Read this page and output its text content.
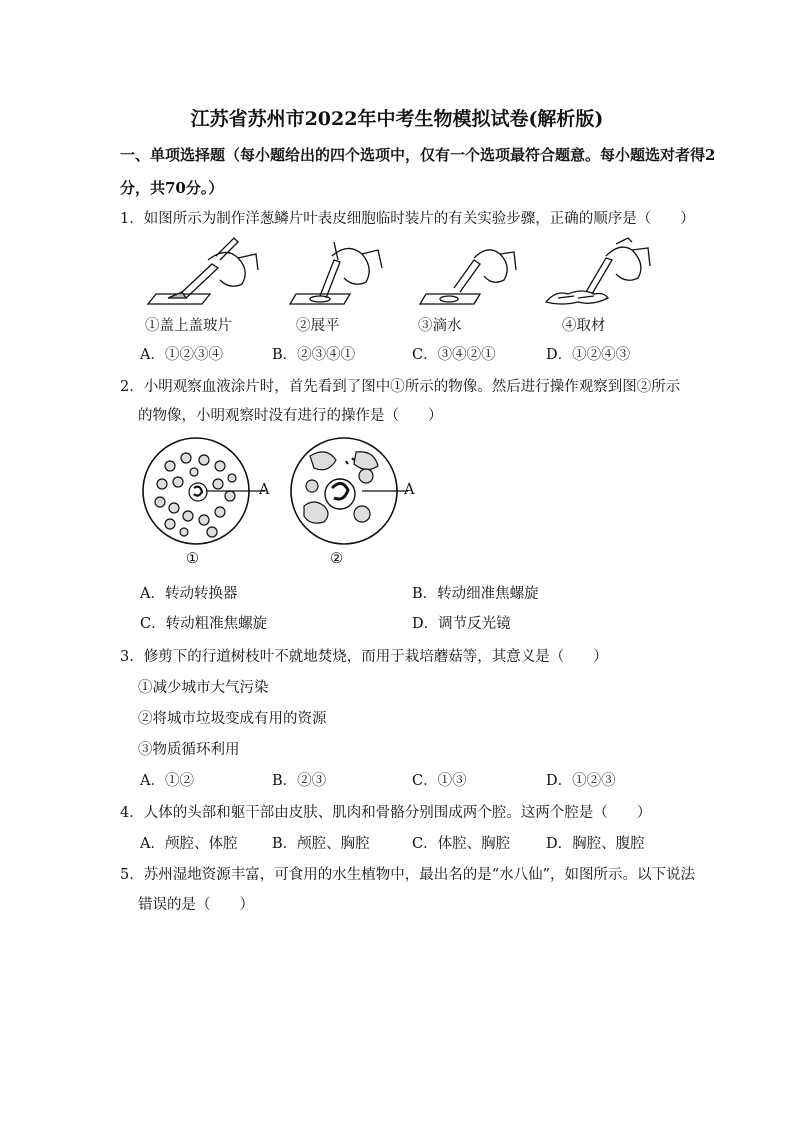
江苏省苏州市2022年中考生物模拟试卷(解析版)
一、单项选择题（每小题给出的四个选项中，仅有一个选项最符合题意。每小题选对者得2
分，共70分。）
1．如图所示为制作洋葱鳞片叶表皮细胞临时装片的有关实验步骤，正确的顺序是（　　）
①盖上盖玻片	②展平	③滴水	④取材
A．①②③④	B．②③④①	C．③④②①	D．①②④③
2．小明观察血液涂片时，首先看到了图中①所示的物像。然后进行操作观察到图②所示
的物像，小明观察时没有进行的操作是（　　）
A	A
①	②
A．转动转换器	B．转动细准焦螺旋
C．转动粗准焦螺旋	D．调节反光镜
3．修剪下的行道树枝叶不就地焚烧，而用于栽培蘑菇等，其意义是（　　）
①减少城市大气污染
②将城市垃圾变成有用的资源
③物质循环利用
A．①②	B．②③	C．①③	D．①②③
4．人体的头部和躯干部由皮肤、肌肉和骨骼分别围成两个腔。这两个腔是（　　）
A．颅腔、体腔 B．颅腔、胸腔	C．体腔、胸腔 D．胸腔、腹腔
5．苏州湿地资源丰富，可食用的水生植物中，最出名的是“水八仙”，如图所示。以下说法
错误的是（　　）
